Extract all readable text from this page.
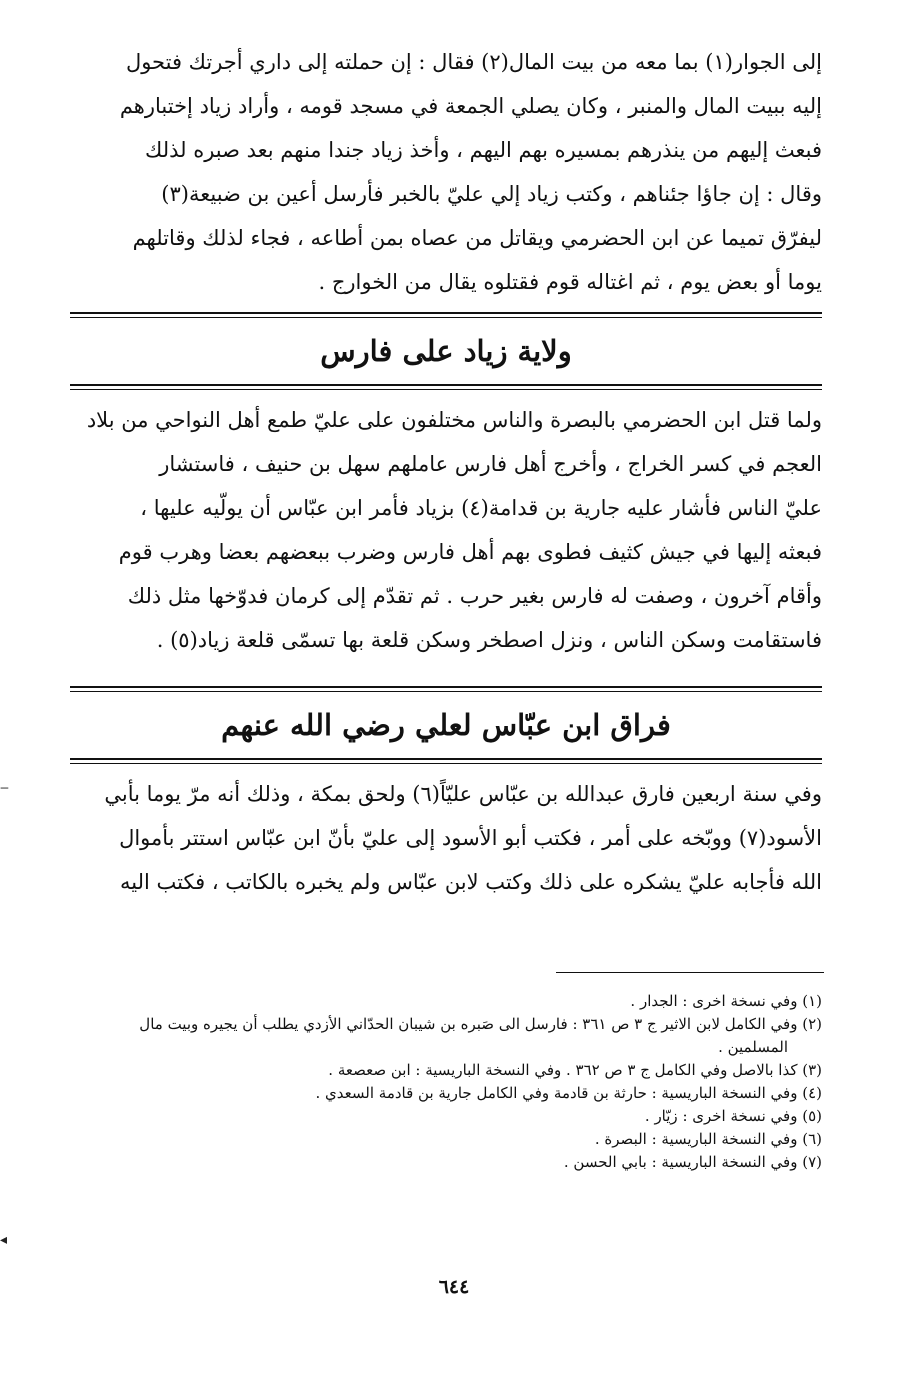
إلى الجوار(١) بما معه من بيت المال(٢) فقال : إن حملته إلى داري أجرتك فتحول

إليه ببيت المال والمنبر ، وكان يصلي الجمعة في مسجد قومه ، وأراد زياد إختبارهم

فبعث إليهم من ينذرهم بمسيره بهم اليهم ، وأخذ زياد جندا منهم بعد صبره لذلك

وقال : إن جاؤا جئناهم ، وكتب زياد إلي عليّ بالخبر فأرسل أعين بن ضبيعة(٣)

ليفرّق تميما عن ابن الحضرمي ويقاتل من عصاه بمن أطاعه ، فجاء لذلك وقاتلهم

يوما أو بعض يوم ، ثم اغتاله قوم فقتلوه يقال من الخوارج .

ولاية زياد على فارس

ولما قتل ابن الحضرمي بالبصرة والناس مختلفون على عليّ طمع أهل النواحي من بلاد

العجم في كسر الخراج ، وأخرج أهل فارس عاملهم سهل بن حنيف ، فاستشار

عليّ الناس فأشار عليه جارية بن قدامة(٤) بزياد فأمر ابن عبّاس أن يولّيه عليها ،

فبعثه إليها في جيش كثيف فطوى بهم أهل فارس وضرب ببعضهم بعضا وهرب قوم

وأقام آخرون ، وصفت له فارس بغير حرب . ثم تقدّم إلى كرمان فدوّخها مثل ذلك

فاستقامت وسكن الناس ، ونزل اصطخر وسكن قلعة بها تسمّى قلعة زياد(٥) .

فراق ابن عبّاس لعلي رضي الله عنهم

وفي سنة اربعين فارق عبدالله بن عبّاس عليّاً(٦) ولحق بمكة ، وذلك أنه مرّ يوما بأبي

الأسود(٧) ووبّخه على أمر ، فكتب أبو الأسود إلى عليّ بأنّ ابن عبّاس استتر بأموال

الله فأجابه عليّ يشكره على ذلك وكتب لابن عبّاس ولم يخبره بالكاتب ، فكتب اليه

(١) وفي نسخة اخرى : الجدار .

(٢) وفي الكامل لابن الاثير ج ٣ ص ٣٦١ : فارسل الى صَبره بن شيبان الحدّاني الأزدي يطلب أن يجيره وبيت مال المسلمين .

(٣) كذا بالاصل وفي الكامل ج ٣ ص ٣٦٢ . وفي النسخة الباريسية : ابن صعصعة .

(٤) وفي النسخة الباريسية : حارثة بن قادمة وفي الكامل جارية بن قادمة السعدي .

(٥) وفي نسخة اخرى : زيّار .

(٦) وفي النسخة الباريسية : البصرة .

(٧) وفي النسخة الباريسية : بابي الحسن .

٦٤٤
‒
◂
